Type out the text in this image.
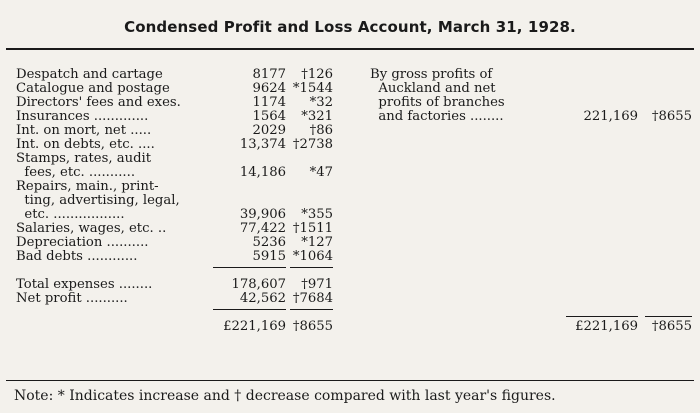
Condensed Profit and Loss Account, March 31, 1928.
Despatch and cartage	8177 †126
Catalogue and postage	9624 *1544
Directors' fees and exes.	1174 *32
Insurances .............	1564 *321
Int. on mort, net .....	2029 †86
Int. on debts, etc. ....	13,374 †2738
Stamps, rates, audit
fees, etc. ...........	14,186 *47
Repairs, main., print-
ting, advertising, legal,
etc. .................	39,906 *355
Salaries, wages, etc. ..	77,422 †1511
Depreciation ..........	5236 *127
Bad debts ............	5915 *1064
Total expenses ........	178,607 †971
Net profit ..........	42,562 †7684
£221,169 †8655
By gross profits of
Auckland and net
profits of branches
and factories ........	221,169 †8655
£221,169 †8655
Note: * Indicates increase and † decrease compared with last year's figures.
